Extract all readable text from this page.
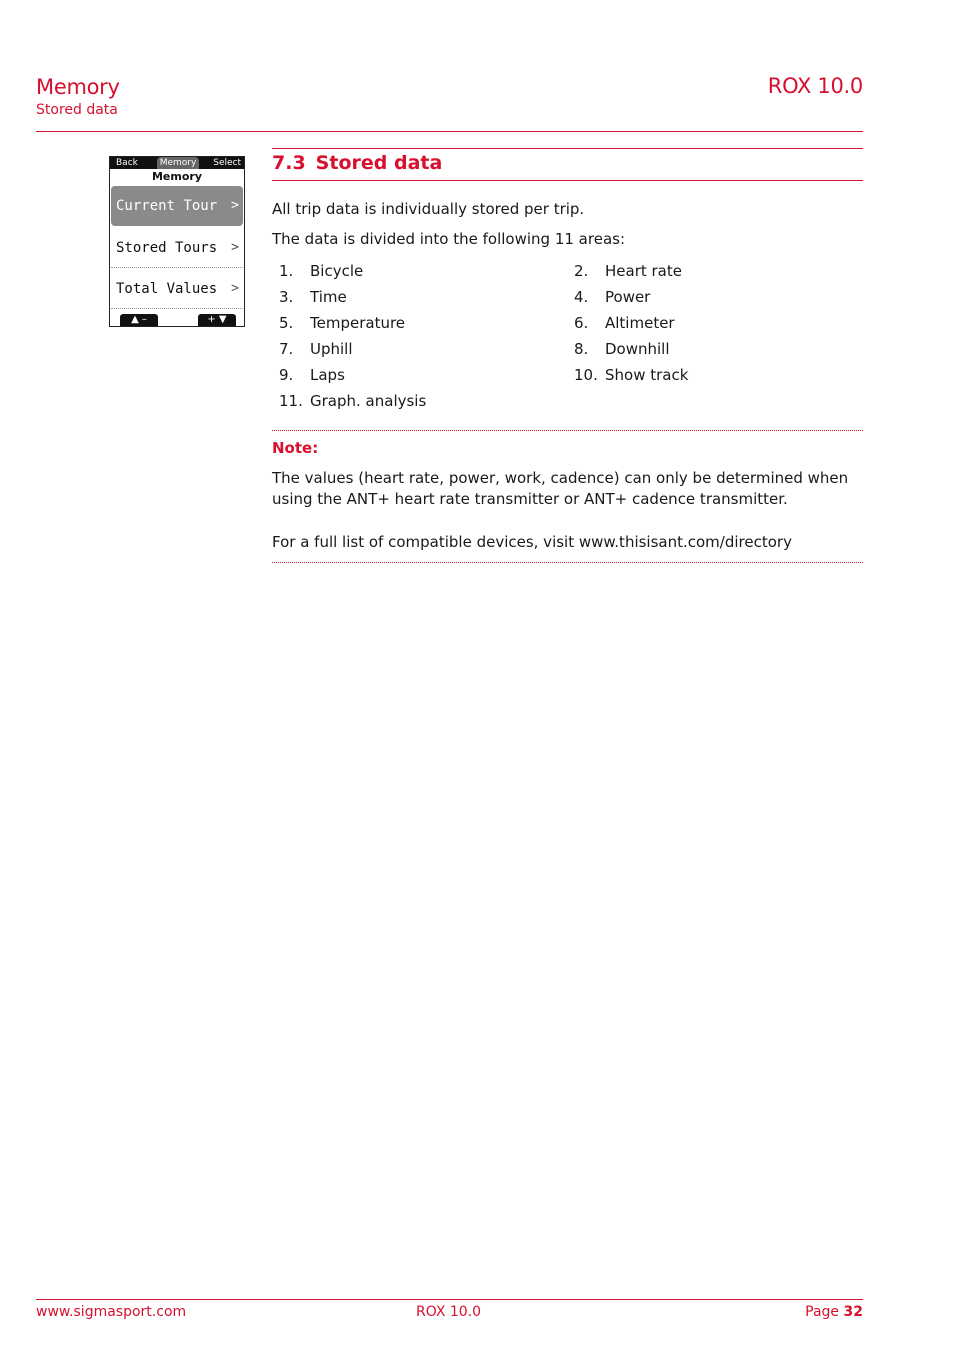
Memory
Stored data
ROX 10.0
Back Memory	Select
Memory
Current Tour >
Stored Tours >
Total Values >
▲ –	+ ▼
7.3 Stored data
All trip data is individually stored per trip.
The data is divided into the following 11 areas:
1. Bicycle	2. Heart rate
3. Time	4. Power
5. Temperature	6. Altimeter
7. Uphill	8. Downhill
9. Laps	10. Show track
11. Graph. analysis
Note:
The values (heart rate, power, work, cadence) can only be determined when using the ANT+ heart rate transmitter or ANT+ cadence transmitter.
For a full list of compatible devices, visit www.thisisant.com/directory
www.sigmasport.com	ROX 10.0	Page 32
